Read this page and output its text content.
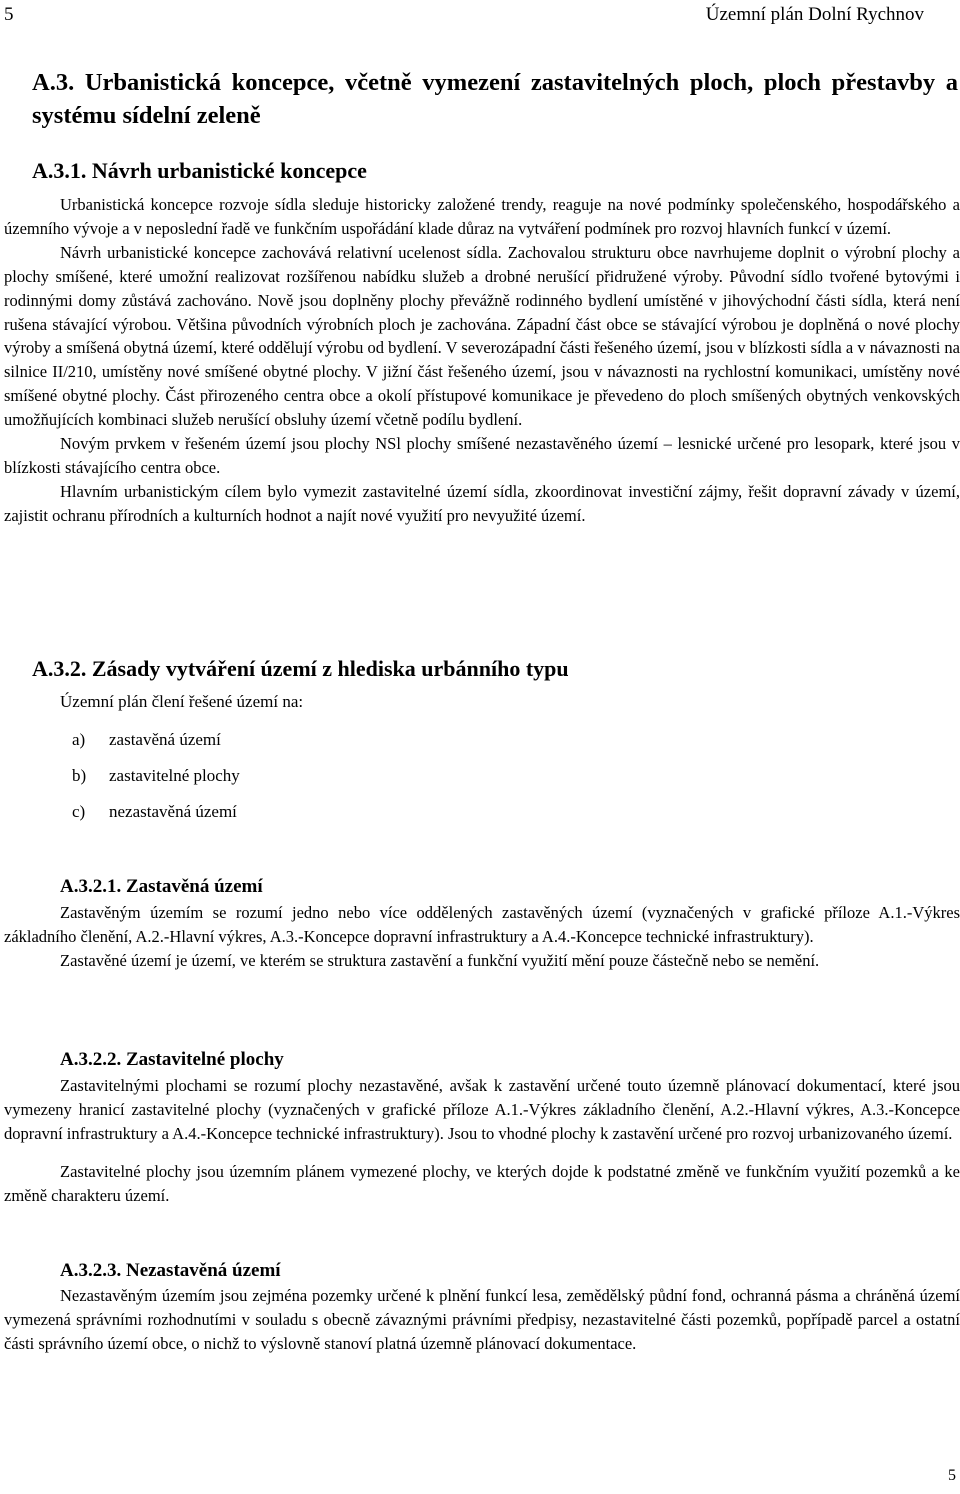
5	Územní plán Dolní Rychnov
A.3. Urbanistická koncepce, včetně vymezení zastavitelných ploch, ploch přestavby a systému sídelní zeleně
A.3.1. Návrh urbanistické koncepce

Urbanistická koncepce rozvoje sídla sleduje historicky založené trendy, reaguje na nové podmínky společenského, hospodářského a územního vývoje a v neposlední řadě ve funkčním uspořádání klade důraz na vytváření podmínek pro rozvoj hlavních funkcí v území.

Návrh urbanistické koncepce zachovává relativní ucelenost sídla. Zachovalou strukturu obce navrhujeme doplnit o výrobní plochy a plochy smíšené, které umožní realizovat rozšířenou nabídku služeb a drobné nerušící přidružené výroby. Původní sídlo tvořené bytovými i rodinnými domy zůstává zachováno. Nově jsou doplněny plochy převážně rodinného bydlení umístěné v jihovýchodní části sídla, která není rušena stávající výrobou. Většina původních výrobních ploch je zachována. Západní část obce se stávající výrobou je doplněná o nové plochy výroby a smíšená obytná území, které oddělují výrobu od bydlení. V severozápadní části řešeného území, jsou v blízkosti sídla a v návaznosti na silnice II/210, umístěny nové smíšené obytné plochy. V jižní část řešeného území, jsou v návaznosti na rychlostní komunikaci, umístěny nové smíšené obytné plochy. Část přirozeného centra obce a okolí přístupové komunikace je převedeno do ploch smíšených obytných venkovských umožňujících kombinaci služeb nerušící obsluhy území včetně podílu bydlení.

Novým prvkem v řešeném území jsou plochy NSl plochy smíšené nezastavěného území – lesnické určené pro lesopark, které jsou v blízkosti stávajícího centra obce.

Hlavním urbanistickým cílem bylo vymezit zastavitelné území sídla, zkoordinovat investiční zájmy, řešit dopravní závady v území, zajistit ochranu přírodních a kulturních hodnot a najít nové využití pro nevyužité území.

A.3.2. Zásady vytváření území z hlediska urbánního typu
Územní plán člení řešené území na:
a) zastavěná území
b) zastavitelné plochy
c) nezastavěná území
A.3.2.1. Zastavěná území

Zastavěným územím se rozumí jedno nebo více oddělených zastavěných území (vyznačených v grafické příloze A.1.-Výkres základního členění, A.2.-Hlavní výkres, A.3.-Koncepce dopravní infrastruktury a A.4.-Koncepce technické infrastruktury).

Zastavěné území je území, ve kterém se struktura zastavění a funkční využití mění pouze částečně nebo se nemění.

A.3.2.2. Zastavitelné plochy

Zastavitelnými plochami se rozumí plochy nezastavěné, avšak k zastavění určené touto územně plánovací dokumentací, které jsou vymezeny hranicí zastavitelné plochy (vyznačených v grafické příloze A.1.-Výkres základního členění, A.2.-Hlavní výkres, A.3.-Koncepce dopravní infrastruktury a A.4.-Koncepce technické infrastruktury). Jsou to vhodné plochy k zastavění určené pro rozvoj urbanizovaného území.

Zastavitelné plochy jsou územním plánem vymezené plochy, ve kterých dojde k podstatné změně ve funkčním využití pozemků a ke změně charakteru území.

A.3.2.3. Nezastavěná území

Nezastavěným územím jsou zejména pozemky určené k plnění funkcí lesa, zemědělský půdní fond, ochranná pásma a chráněná území vymezená správními rozhodnutími v souladu s obecně závaznými právními předpisy, nezastavitelné části pozemků, popřípadě parcel a ostatní části správního území obce, o nichž to výslovně stanoví platná územně plánovací dokumentace.

5
